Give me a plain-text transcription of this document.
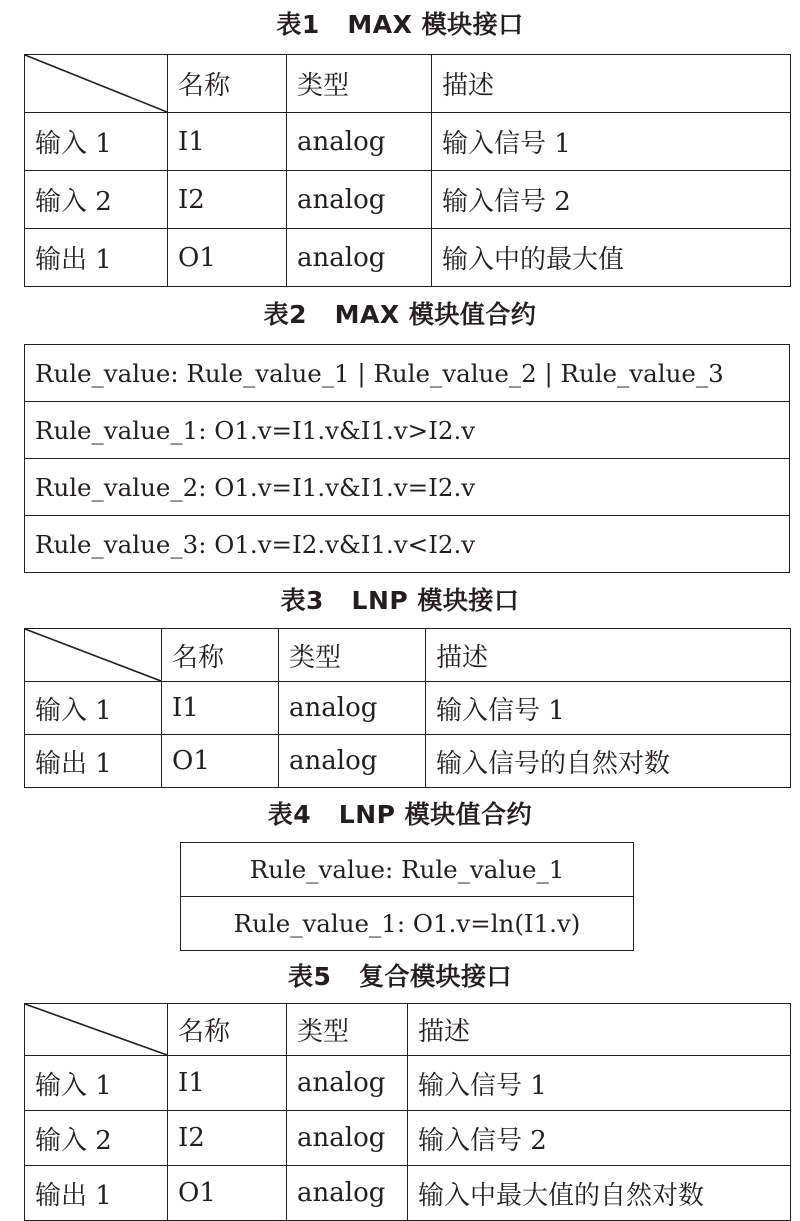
表1   MAX 模块接口
	名称	类型	描述
输入 1	I1	analog	输入信号 1
输入 2	I2	analog	输入信号 2
输出 1	O1	analog	输入中的最大值
表2   MAX 模块值合约
Rule_value: Rule_value_1 | Rule_value_2 | Rule_value_3
Rule_value_1: O1.v=I1.v&I1.v>I2.v
Rule_value_2: O1.v=I1.v&I1.v=I2.v
Rule_value_3: O1.v=I2.v&I1.v<I2.v
表3   LNP 模块接口
	名称	类型	描述
输入 1	I1	analog	输入信号 1
输出 1	O1	analog	输入信号的自然对数
表4   LNP 模块值合约
Rule_value: Rule_value_1
Rule_value_1: O1.v=ln(I1.v)
表5   复合模块接口
	名称	类型	描述
输入 1	I1	analog	输入信号 1
输入 2	I2	analog	输入信号 2
输出 1	O1	analog	输入中最大值的自然对数
